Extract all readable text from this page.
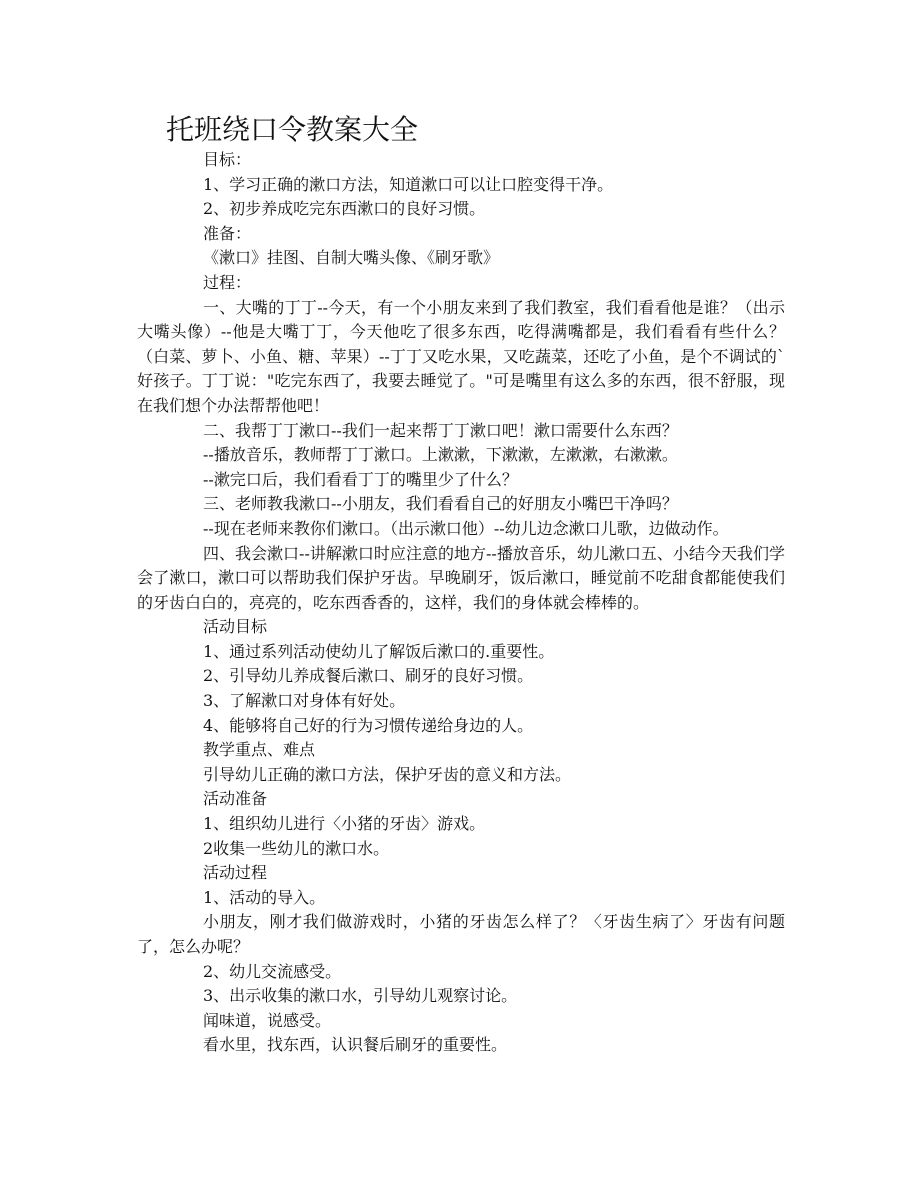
托班绕口令教案大全

目标：

1、学习正确的漱口方法，知道漱口可以让口腔变得干净。

2、初步养成吃完东西漱口的良好习惯。

准备：

《漱口》挂图、自制大嘴头像、《刷牙歌》

过程：

一、大嘴的丁丁--今天，有一个小朋友来到了我们教室，我们看看他是谁？（出示大嘴头像）--他是大嘴丁丁，今天他吃了很多东西，吃得满嘴都是，我们看看有些什么？（白菜、萝卜、小鱼、糖、苹果）--丁丁又吃水果，又吃蔬菜，还吃了小鱼，是个不调试的`好孩子。丁丁说："吃完东西了，我要去睡觉了。"可是嘴里有这么多的东西，很不舒服，现在我们想个办法帮帮他吧！

二、我帮丁丁漱口--我们一起来帮丁丁漱口吧！漱口需要什么东西？

--播放音乐，教师帮丁丁漱口。上漱漱，下漱漱，左漱漱，右漱漱。

--漱完口后，我们看看丁丁的嘴里少了什么？

三、老师教我漱口--小朋友，我们看看自己的好朋友小嘴巴干净吗？

--现在老师来教你们漱口。（出示漱口他）--幼儿边念漱口儿歌，边做动作。

四、我会漱口--讲解漱口时应注意的地方--播放音乐，幼儿漱口五、小结今天我们学会了漱口，漱口可以帮助我们保护牙齿。早晚刷牙，饭后漱口，睡觉前不吃甜食都能使我们的牙齿白白的，亮亮的，吃东西香香的，这样，我们的身体就会棒棒的。

活动目标

1、通过系列活动使幼儿了解饭后漱口的.重要性。

2、引导幼儿养成餐后漱口、刷牙的良好习惯。

3、了解漱口对身体有好处。

4、能够将自己好的行为习惯传递给身边的人。

教学重点、难点

引导幼儿正确的漱口方法，保护牙齿的意义和方法。

活动准备

1、组织幼儿进行〈小猪的牙齿〉游戏。

2收集一些幼儿的漱口水。

活动过程

1、活动的导入。

小朋友，刚才我们做游戏时，小猪的牙齿怎么样了？〈牙齿生病了〉牙齿有问题了，怎么办呢？

2、幼儿交流感受。

3、出示收集的漱口水，引导幼儿观察讨论。

闻味道，说感受。

看水里，找东西，认识餐后刷牙的重要性。
